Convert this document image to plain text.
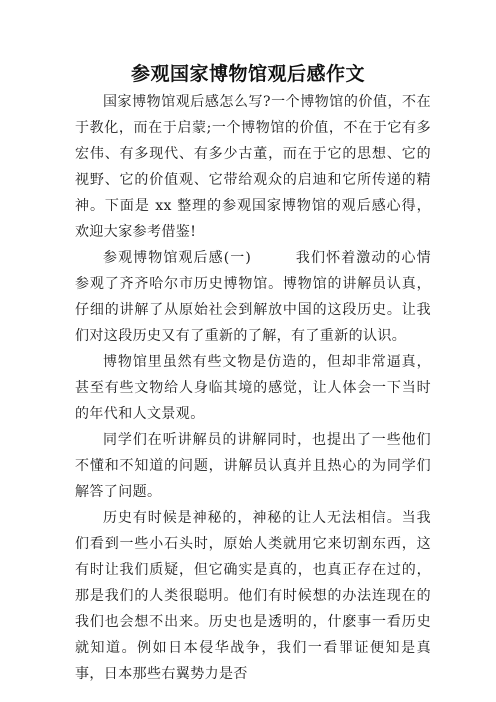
参观国家博物馆观后感作文

国家博物馆观后感怎么写?一个博物馆的价值，不在于教化，而在于启蒙;一个博物馆的价值，不在于它有多宏伟、有多现代、有多少古董，而在于它的思想、它的视野、它的价值观、它带给观众的启迪和它所传递的精神。下面是 xx 整理的参观国家博物馆的观后感心得，欢迎大家参考借鉴!

参观博物馆观后感(一)	我们怀着激动的心情参观了齐齐哈尔市历史博物馆。博物馆的讲解员认真，仔细的讲解了从原始社会到解放中国的这段历史。让我们对这段历史又有了重新的了解，有了重新的认识。

博物馆里虽然有些文物是仿造的，但却非常逼真，甚至有些文物给人身临其境的感觉，让人体会一下当时的年代和人文景观。

同学们在听讲解员的讲解同时，也提出了一些他们不懂和不知道的问题，讲解员认真并且热心的为同学们解答了问题。

历史有时候是神秘的，神秘的让人无法相信。当我们看到一些小石头时，原始人类就用它来切割东西，这有时让我们质疑，但它确实是真的，也真正存在过的，那是我们的人类很聪明。他们有时候想的办法连现在的我们也会想不出来。历史也是透明的，什麽事一看历史就知道。例如日本侵华战争，我们一看罪证便知是真事，日本那些右翼势力是否
